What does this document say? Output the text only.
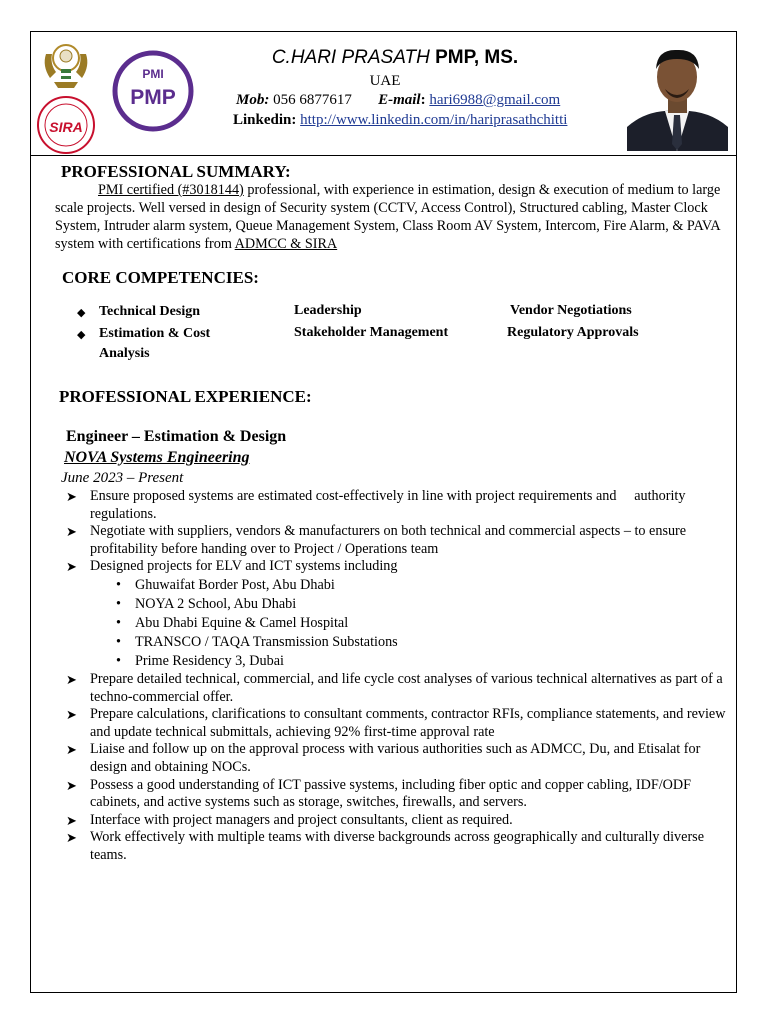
SIRA
PMI
PMP
C.HARI PRASATH PMP, MS.
UAE
Mob: 056 6877617 E-mail: hari6988@gmail.com
Linkedin: http://www.linkedin.com/in/hariprasathchitti
PROFESSIONAL SUMMARY:
PMI certified (#3018144) professional, with experience in estimation, design & execution of medium to large scale projects. Well versed in design of Security system (CCTV, Access Control), Structured cabling, Master Clock System, Intruder alarm system, Queue Management System, Class Room AV System, Intercom, Fire Alarm, & PAVA system with certifications from ADMCC & SIRA
CORE COMPETENCIES:
◆
◆
Technical Design
Estimation & Cost
Analysis
Leadership
Stakeholder Management
Vendor Negotiations
Regulatory Approvals
PROFESSIONAL EXPERIENCE:
Engineer – Estimation & Design
NOVA Systems Engineering
June 2023 – Present
➤ Ensure proposed systems are estimated cost-effectively in line with project requirements and     authority regulations.
➤ Negotiate with suppliers, vendors & manufacturers on both technical and commercial aspects – to ensure profitability before handing over to Project / Operations team
➤ Designed projects for ELV and ICT systems including
• Ghuwaifat Border Post, Abu Dhabi
• NOYA 2 School, Abu Dhabi
• Abu Dhabi Equine & Camel Hospital
• TRANSCO / TAQA Transmission Substations
• Prime Residency 3, Dubai
➤ Prepare detailed technical, commercial, and life cycle cost analyses of various technical alternatives as part of a techno-commercial offer.
➤ Prepare calculations, clarifications to consultant comments, contractor RFIs, compliance statements, and review and update technical submittals, achieving 92% first-time approval rate
➤ Liaise and follow up on the approval process with various authorities such as ADMCC, Du, and Etisalat for design and obtaining NOCs.
➤ Possess a good understanding of ICT passive systems, including fiber optic and copper cabling, IDF/ODF cabinets, and active systems such as storage, switches, firewalls, and servers.
➤ Interface with project managers and project consultants, client as required.
➤ Work effectively with multiple teams with diverse backgrounds across geographically and culturally diverse teams.
